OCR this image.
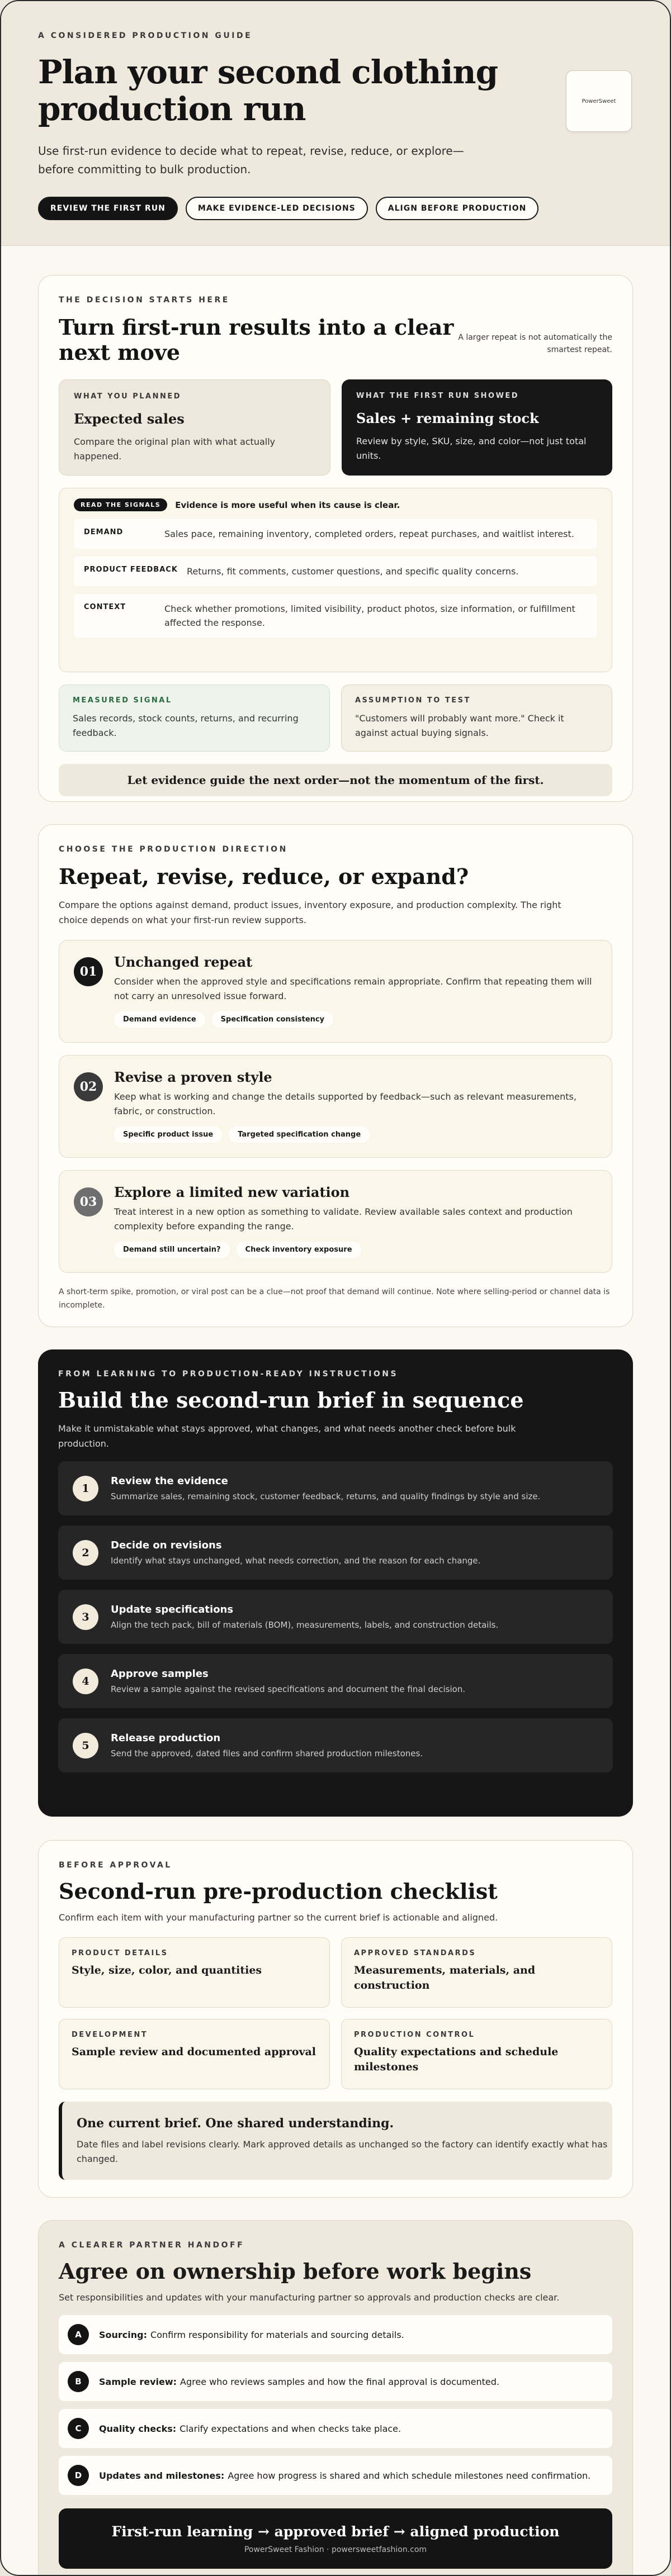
A CONSIDERED PRODUCTION GUIDE
Plan your second clothing production run

Use first-run evidence to decide what to repeat, revise, reduce, or explore—before committing to bulk production.

REVIEW THE FIRST RUN	MAKE EVIDENCE-LED DECISIONS	ALIGN BEFORE PRODUCTION
PowerSweet
THE DECISION STARTS HERE
Turn first-run results into a clear next move
A larger repeat is not automatically the smartest repeat.
WHAT YOU PLANNED
Expected sales

Compare the original plan with what actually happened.

WHAT THE FIRST RUN SHOWED
Sales + remaining stock

Review by style, SKU, size, and color—not just total units.

READ THE SIGNALS	Evidence is more useful when its cause is clear.
DEMAND	Sales pace, remaining inventory, completed orders, repeat purchases, and waitlist interest.
PRODUCT FEEDBACK	Returns, fit comments, customer questions, and specific quality concerns.
CONTEXT	Check whether promotions, limited visibility, product photos, size information, or fulfillment affected the response.
MEASURED SIGNAL

Sales records, stock counts, returns, and recurring feedback.

ASSUMPTION TO TEST

"Customers will probably want more." Check it against actual buying signals.

Let evidence guide the next order—not the momentum of the first.
CHOOSE THE PRODUCTION DIRECTION
Repeat, revise, reduce, or expand?

Compare the options against demand, product issues, inventory exposure, and production complexity. The right choice depends on what your first-run review supports.

01
Unchanged repeat

Consider when the approved style and specifications remain appropriate. Confirm that repeating them will not carry an unresolved issue forward.

Demand evidence	Specification consistency
02
Revise a proven style

Keep what is working and change the details supported by feedback—such as relevant measurements, fabric, or construction.

Specific product issue	Targeted specification change
03
Explore a limited new variation

Treat interest in a new option as something to validate. Review available sales context and production complexity before expanding the range.

Demand still uncertain?	Check inventory exposure

A short-term spike, promotion, or viral post can be a clue—not proof that demand will continue. Note where selling-period or channel data is incomplete.

FROM LEARNING TO PRODUCTION-READY INSTRUCTIONS
Build the second-run brief in sequence

Make it unmistakable what stays approved, what changes, and what needs another check before bulk production.

1
Review the evidence
Summarize sales, remaining stock, customer feedback, returns, and quality findings by style and size.
2
Decide on revisions
Identify what stays unchanged, what needs correction, and the reason for each change.
3
Update specifications
Align the tech pack, bill of materials (BOM), measurements, labels, and construction details.
4
Approve samples
Review a sample against the revised specifications and document the final decision.
5
Release production
Send the approved, dated files and confirm shared production milestones.
BEFORE APPROVAL
Second-run pre-production checklist

Confirm each item with your manufacturing partner so the current brief is actionable and aligned.

PRODUCT DETAILS
Style, size, color, and quantities
APPROVED STANDARDS
Measurements, materials, and construction
DEVELOPMENT
Sample review and documented approval
PRODUCTION CONTROL
Quality expectations and schedule milestones
One current brief. One shared understanding.

Date files and label revisions clearly. Mark approved details as unchanged so the factory can identify exactly what has changed.

A CLEARER PARTNER HANDOFF
Agree on ownership before work begins

Set responsibilities and updates with your manufacturing partner so approvals and production checks are clear.

A	Sourcing: Confirm responsibility for materials and sourcing details.
B	Sample review: Agree who reviews samples and how the final approval is documented.
C	Quality checks: Clarify expectations and when checks take place.
D	Updates and milestones: Agree how progress is shared and which schedule milestones need confirmation.
First-run learning → approved brief → aligned production
PowerSweet Fashion · powersweetfashion.com
